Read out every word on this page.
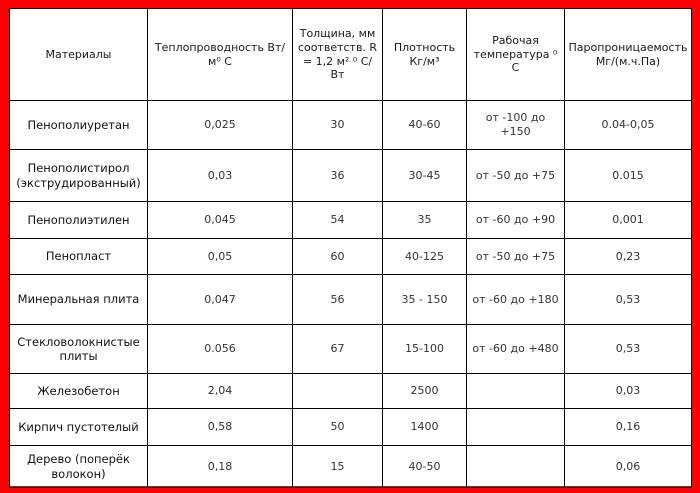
Материалы	Теплопроводность Вт/м⁰ С	Толщина, мм соответств. R = 1,2 м² ⁰ С/Вт	Плотность Кг/м³	Рабочая температура ⁰ С	Паропроницаемость Мг/(м.ч.Па)
Пенополиуретан	0,025	30	40-60	от -100 до +150	0.04-0,05
Пенополистирол (экструдированный)	0,03	36	30-45	от -50 до +75	0.015
Пенополиэтилен	0,045	54	35	от -60 до +90	0,001
Пенопласт	0,05	60	40-125	от -50 до +75	0,23
Минеральная плита	0,047	56	35 - 150	от -60 до +180	0,53
Стекловолокнистые плиты	0.056	67	15-100	от -60 до +480	0,53
Железобетон	2,04		2500		0,03
Кирпич пустотелый	0,58	50	1400		0,16
Дерево (поперёк волокон)	0,18	15	40-50		0,06
